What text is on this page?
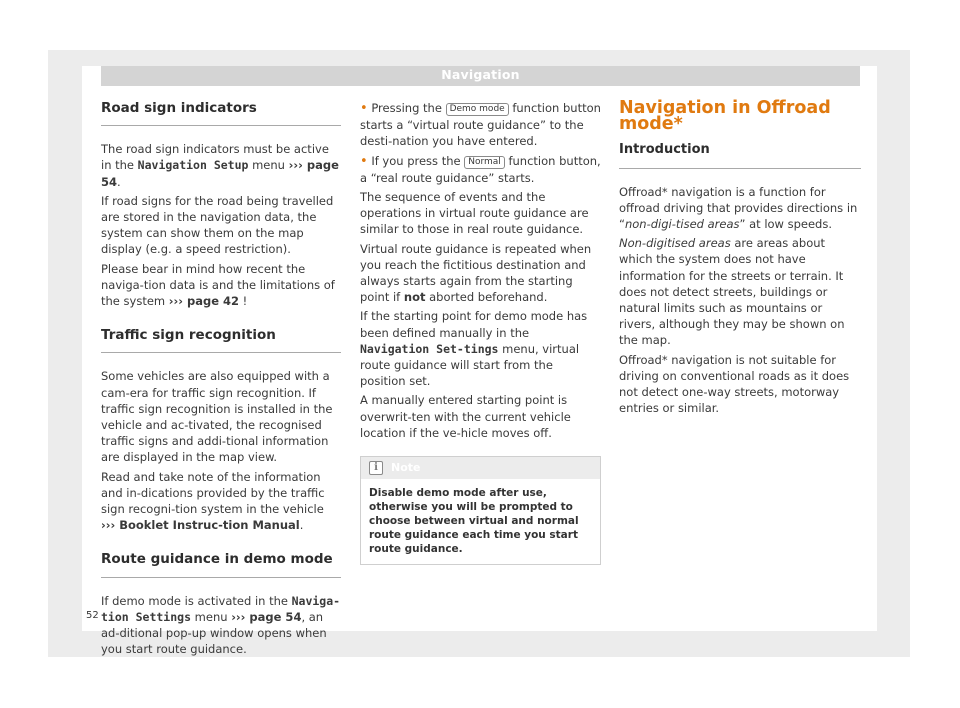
Navigation
Road sign indicators

The road sign indicators must be active in the Navigation Setup menu ››› page 54.

If road signs for the road being travelled are stored in the navigation data, the system can show them on the map display (e.g. a speed restriction).

Please bear in mind how recent the naviga-tion data is and the limitations of the system ››› page 42 !

Traffic sign recognition

Some vehicles are also equipped with a cam-era for traffic sign recognition. If traffic sign recognition is installed in the vehicle and ac-tivated, the recognised traffic signs and addi-tional information are displayed in the map view.

Read and take note of the information and in-dications provided by the traffic sign recogni-tion system in the vehicle ››› Booklet Instruc-tion Manual.

Route guidance in demo mode

If demo mode is activated in the Naviga-tion Settings menu ››› page 54, an ad-ditional pop-up window opens when you start route guidance.

• Pressing the Demo mode function button starts a “virtual route guidance” to the desti-nation you have entered.

• If you press the Normal function button, a “real route guidance” starts.

The sequence of events and the operations in virtual route guidance are similar to those in real route guidance.

Virtual route guidance is repeated when you reach the fictitious destination and always starts again from the starting point if not aborted beforehand.

If the starting point for demo mode has been defined manually in the Navigation Set-tings menu, virtual route guidance will start from the position set.

A manually entered starting point is overwrit-ten with the current vehicle location if the ve-hicle moves off.

i	Note
Disable demo mode after use, otherwise you will be prompted to choose between virtual and normal route guidance each time you start route guidance.
Navigation in Offroad mode*
Introduction

Offroad* navigation is a function for offroad driving that provides directions in “non-digi-tised areas” at low speeds.

Non-digitised areas are areas about which the system does not have information for the streets or terrain. It does not detect streets, buildings or natural limits such as mountains or rivers, although they may be shown on the map.

Offroad* navigation is not suitable for driving on conventional roads as it does not detect one-way streets, motorway entries or similar.

52
